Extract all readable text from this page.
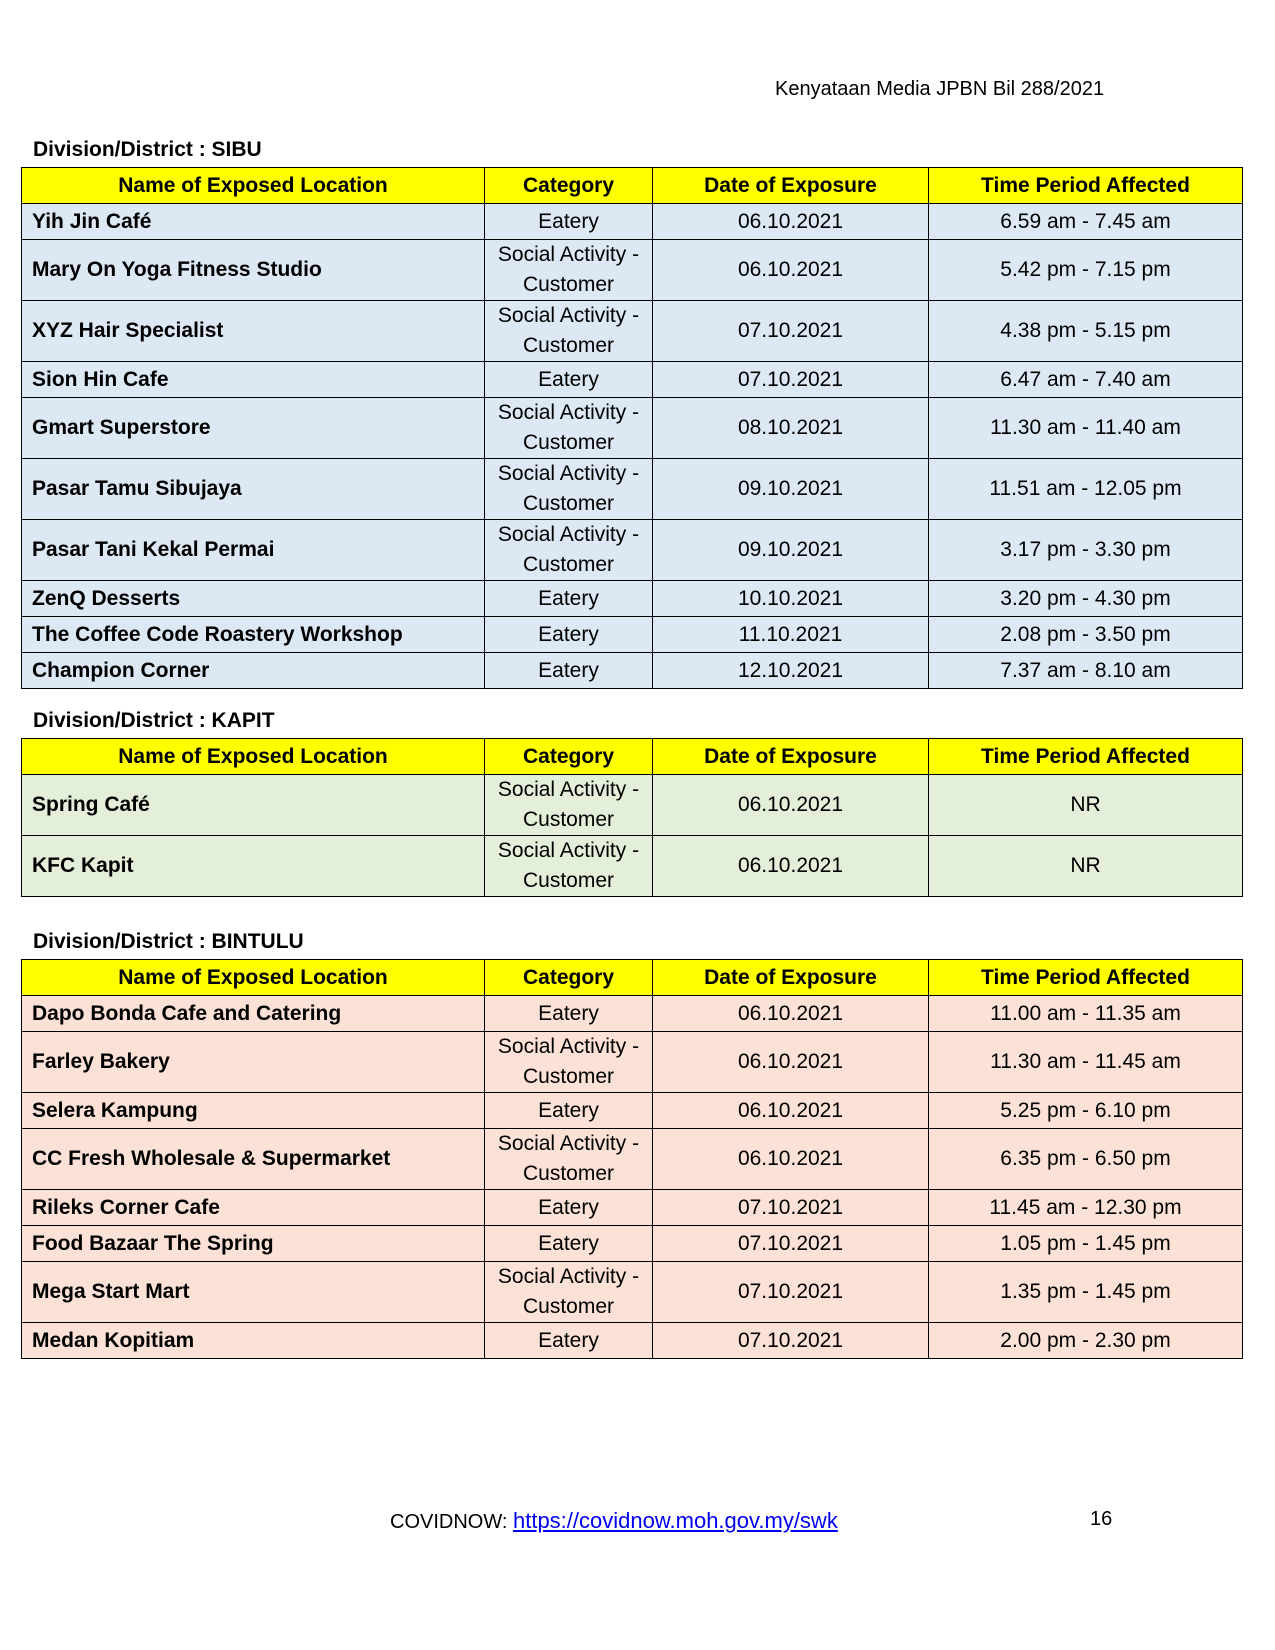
Kenyataan Media JPBN Bil 288/2021
Division/District : SIBU
Name of Exposed Location	Category	Date of Exposure	Time Period Affected
Yih Jin Café	Eatery	06.10.2021	6.59 am - 7.45 am
Mary On Yoga Fitness Studio	Social Activity - Customer	06.10.2021	5.42 pm - 7.15 pm
XYZ Hair Specialist	Social Activity - Customer	07.10.2021	4.38 pm - 5.15 pm
Sion Hin Cafe	Eatery	07.10.2021	6.47 am - 7.40 am
Gmart Superstore	Social Activity - Customer	08.10.2021	11.30 am - 11.40 am
Pasar Tamu Sibujaya	Social Activity - Customer	09.10.2021	11.51 am - 12.05 pm
Pasar Tani Kekal Permai	Social Activity - Customer	09.10.2021	3.17 pm - 3.30 pm
ZenQ Desserts	Eatery	10.10.2021	3.20 pm - 4.30 pm
The Coffee Code Roastery Workshop	Eatery	11.10.2021	2.08 pm - 3.50 pm
Champion Corner	Eatery	12.10.2021	7.37 am - 8.10 am
Division/District : KAPIT
Name of Exposed Location	Category	Date of Exposure	Time Period Affected
Spring Café	Social Activity - Customer	06.10.2021	NR
KFC Kapit	Social Activity - Customer	06.10.2021	NR
Division/District : BINTULU
Name of Exposed Location	Category	Date of Exposure	Time Period Affected
Dapo Bonda Cafe and Catering	Eatery	06.10.2021	11.00 am - 11.35 am
Farley Bakery	Social Activity - Customer	06.10.2021	11.30 am - 11.45 am
Selera Kampung	Eatery	06.10.2021	5.25 pm - 6.10 pm
CC Fresh Wholesale & Supermarket	Social Activity - Customer	06.10.2021	6.35 pm - 6.50 pm
Rileks Corner Cafe	Eatery	07.10.2021	11.45 am - 12.30 pm
Food Bazaar The Spring	Eatery	07.10.2021	1.05 pm - 1.45 pm
Mega Start Mart	Social Activity - Customer	07.10.2021	1.35 pm - 1.45 pm
Medan Kopitiam	Eatery	07.10.2021	2.00 pm - 2.30 pm
COVIDNOW: https://covidnow.moh.gov.my/swk	16
